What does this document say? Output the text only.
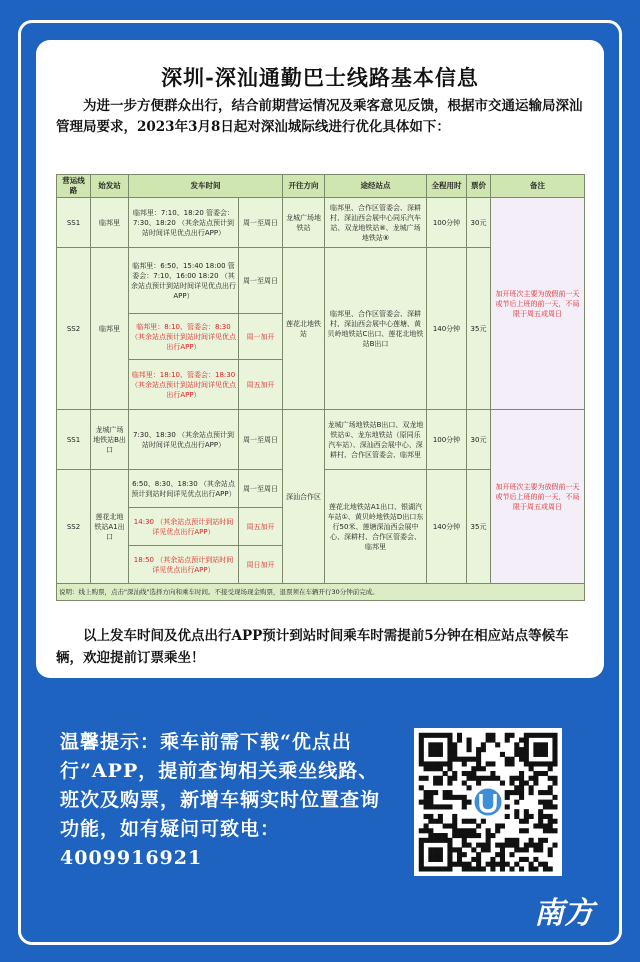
深圳-深汕通勤巴士线路基本信息
为进一步方便群众出行，结合前期营运情况及乘客意见反馈，根据市交通运输局深汕管理局要求，2023年3月8日起对深汕城际线进行优化具体如下：
营运线路	始发站	发车时间		开往方向	途经站点	全程用时	票价	备注
SS1	临邦里	临邦里：7:10、18:20 管委会：7:30、18:20 （其余站点预计到站时间详见优点出行APP）	周一至周日	龙城广场地铁站	临邦里、合作区管委会、深耕村、深汕西会展中心同乐汽车站、双龙地铁站⑧、龙城广场地铁站⑧	100分钟	30元	加开班次主要为放假前一天或节后上班的前一天，不局限于周五或周日
SS2	临邦里	临邦里：6:50、15:40 18:00 管委会：7:10、16:00 18:20 （其余站点预计到站时间详见优点出行APP）	周一至周日	莲花北地铁站	临邦里、合作区管委会、深耕村、深汕西会展中心莲塘、黄贝岭地铁站C出口、莲花北地铁站B出口	140分钟	35元	
		临邦里：8:10、管委会：8:30 （其余站点预计到站时间详见优点出行APP）	周一加开					
		临邦里：18:10、管委会：18:30 （其余站点预计到站时间详见优点出行APP）	周五加开					
SS1	龙城广场地铁站B出口	7:30、18:30 （其余站点预计到站时间详见优点出行APP）	周一至周日	深汕合作区	龙城广场地铁站B出口、双龙地铁站①、龙东地铁站（原同乐汽车站）、深汕西会展中心、深耕村、合作区管委会、临邦里	100分钟	30元	加开班次主要为放假前一天或节后上班的前一天，不局限于周五或周日
SS2	莲花北地铁站A1出口	6:50、8:30、18:30 （其余站点预计到站时间详见优点出行APP）	周一至周日		莲花北地铁站A1出口、银湖汽车站①、黄贝岭地铁站D出口东行50米、莲塘深汕西会展中心、深耕村、合作区管委会、临邦里	140分钟	35元	
		14:30 （其余站点预计到站时间详见优点出行APP）	周五加开					
		18:50 （其余站点预计到站时间详见优点出行APP）	周日加开					
说明：线上购票，点击"深汕线"选择方向和乘车时间。不接受现场现金购票，退票须在车辆开行30分钟前完成。								
以上发车时间及优点出行APP预计到站时间乘车时需提前5分钟在相应站点等候车辆，欢迎提前订票乘坐！
温馨提示：乘车前需下载“优点出行”APP，提前查询相关乘坐线路、班次及购票，新增车辆实时位置查询功能，如有疑问可致电：4009916921
南方
